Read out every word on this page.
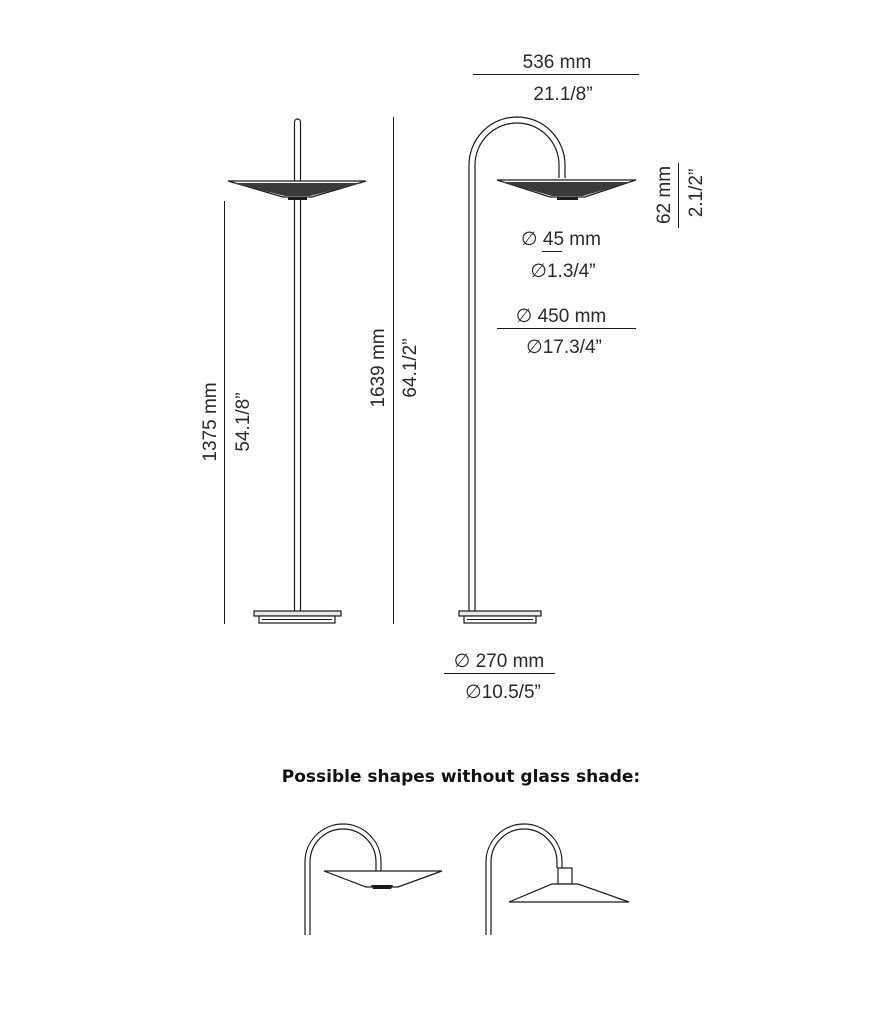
1375 mm 54.1/8”
1639 mm 64.1/2”
536 mm
21.1/8”
62 mm 2.1/2”
∅ 45 mm
∅1.3/4”
∅ 450 mm
∅17.3/4”
∅ 270 mm
∅10.5/5”
Possible shapes without glass shade:
